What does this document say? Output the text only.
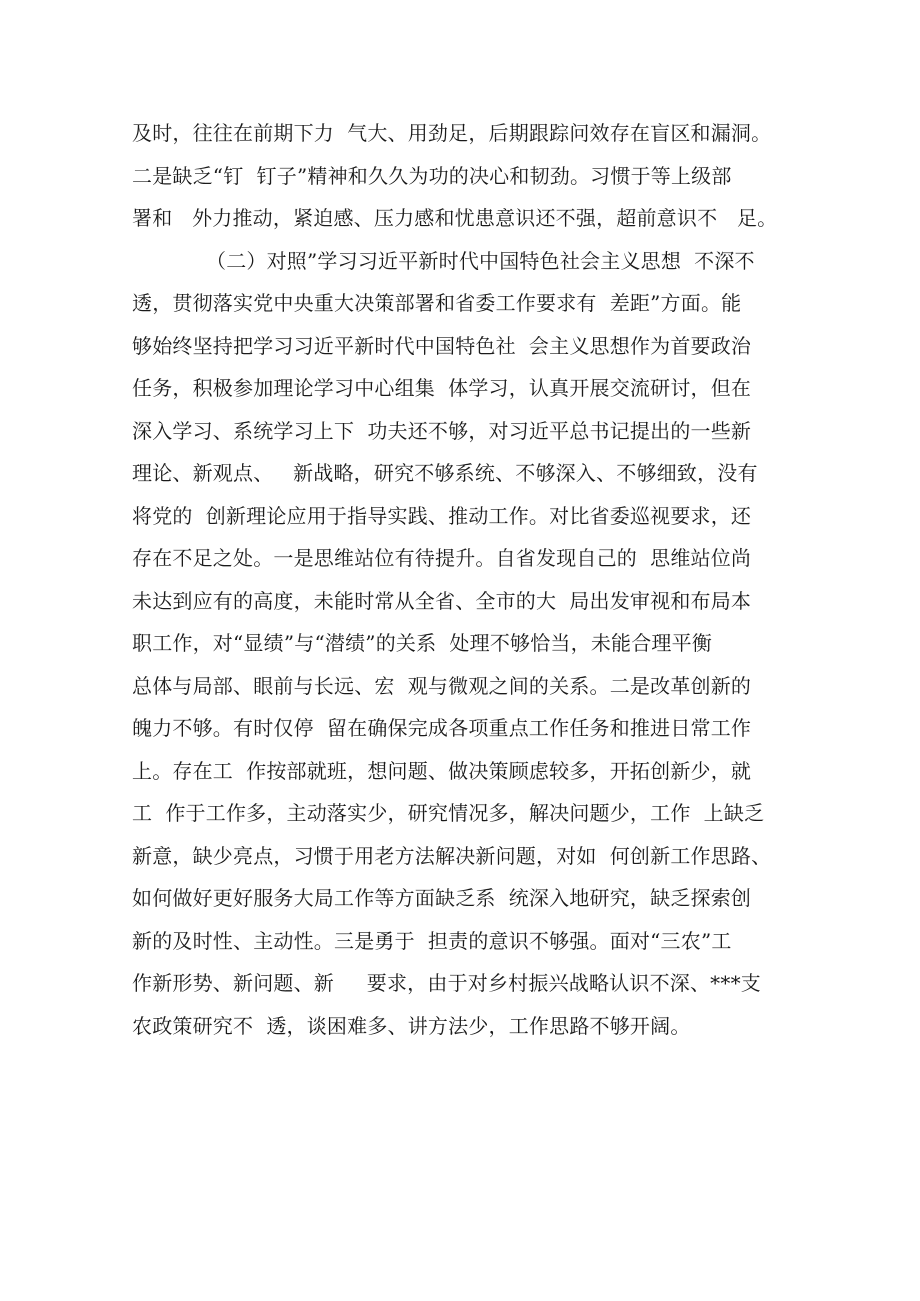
及时，往往在前期下力  气大、用劲足，后期跟踪问效存在盲区和漏洞。
二是缺乏“钉  钉子”精神和久久为功的决心和韧劲。习惯于等上级部
署和   外力推动，紧迫感、压力感和忧患意识还不强，超前意识不   足。
（二）对照”学习习近平新时代中国特色社会主义思想  不深不
透，贯彻落实党中央重大决策部署和省委工作要求有  差距”方面。能
够始终坚持把学习习近平新时代中国特色社  会主义思想作为首要政治
任务，积极参加理论学习中心组集  体学习，认真开展交流研讨，但在
深入学习、系统学习上下  功夫还不够，对习近平总书记提出的一些新
理论、新观点、   新战略，研究不够系统、不够深入、不够细致，没有
将党的  创新理论应用于指导实践、推动工作。对比省委巡视要求，还
存在不足之处。一是思维站位有待提升。自省发现自己的  思维站位尚
未达到应有的高度，未能时常从全省、全市的大  局出发审视和布局本
职工作，对“显绩”与“潜绩”的关系  处理不够恰当，未能合理平衡
总体与局部、眼前与长远、宏  观与微观之间的关系。二是改革创新的
魄力不够。有时仅停  留在确保完成各项重点工作任务和推进日常工作
上。存在工  作按部就班，想问题、做决策顾虑较多，开拓创新少，就
工  作于工作多，主动落实少，研究情况多，解决问题少，工作  上缺乏
新意，缺少亮点，习惯于用老方法解决新问题，对如  何创新工作思路、
如何做好更好服务大局工作等方面缺乏系  统深入地研究，缺乏探索创
新的及时性、主动性。三是勇于  担责的意识不够强。面对“三农”工
作新形势、新问题、新     要求，由于对乡村振兴战略认识不深、***支
农政策研究不  透，谈困难多、讲方法少，工作思路不够开阔。
